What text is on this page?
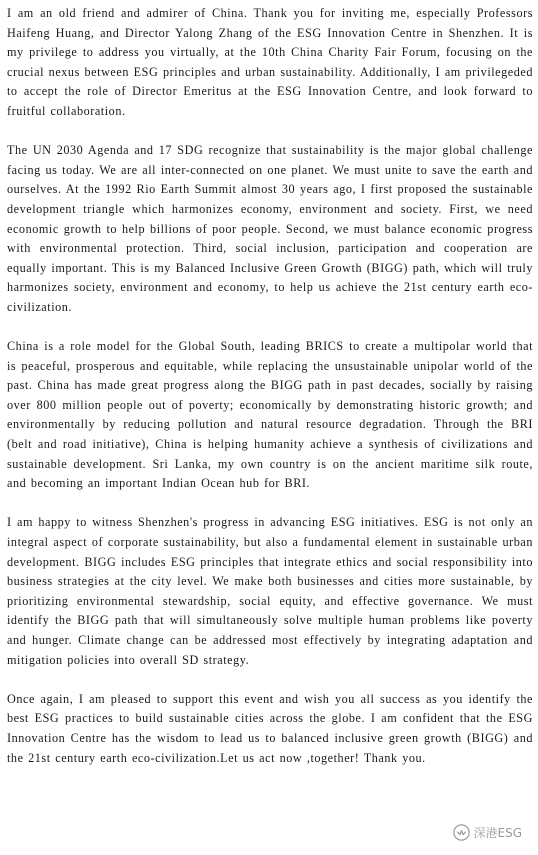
I am an old friend and admirer of China. Thank you for inviting me, especially Professors Haifeng Huang, and Director Yalong Zhang of the ESG Innovation Centre in Shenzhen. It is my privilege to address you virtually, at the 10th China Charity Fair Forum, focusing on the crucial nexus between ESG principles and urban sustainability. Additionally, I am privilegeded to accept the role of Director Emeritus at the ESG Innovation Centre, and look forward to fruitful collaboration.

The UN 2030 Agenda and 17 SDG recognize that sustainability is the major global challenge facing us today. We are all inter-connected on one planet. We must unite to save the earth and ourselves. At the 1992 Rio Earth Summit almost 30 years ago, I first proposed the sustainable development triangle which harmonizes economy, environment and society. First, we need economic growth to help billions of poor people. Second, we must balance economic progress with environmental protection. Third, social inclusion, participation and cooperation are equally important. This is my Balanced Inclusive Green Growth (BIGG) path, which will truly harmonizes society, environment and economy, to help us achieve the 21st century earth eco-civilization.

China is a role model for the Global South, leading BRICS to create a multipolar world that is peaceful, prosperous and equitable, while replacing the unsustainable unipolar world of the past. China has made great progress along the BIGG path in past decades, socially by raising over 800 million people out of poverty; economically by demonstrating historic growth; and environmentally by reducing pollution and natural resource degradation. Through the BRI (belt and road initiative), China is helping humanity achieve a synthesis of civilizations and sustainable development. Sri Lanka, my own country is on the ancient maritime silk route, and becoming an important Indian Ocean hub for BRI.

I am happy to witness Shenzhen's progress in advancing ESG initiatives. ESG is not only an integral aspect of corporate sustainability, but also a fundamental element in sustainable urban development. BIGG includes ESG principles that integrate ethics and social responsibility into business strategies at the city level. We make both businesses and cities more sustainable, by prioritizing environmental stewardship, social equity, and effective governance. We must identify the BIGG path that will simultaneously solve multiple human problems like poverty and hunger. Climate change can be addressed most effectively by integrating adaptation and mitigation policies into overall SD strategy.

Once again, I am pleased to support this event and wish you all success as you identify the best ESG practices to build sustainable cities across the globe. I am confident that the ESG Innovation Centre has the wisdom to lead us to balanced inclusive green growth (BIGG) and the 21st century earth eco-civilization.Let us act now ,together! Thank you.

深港ESG
